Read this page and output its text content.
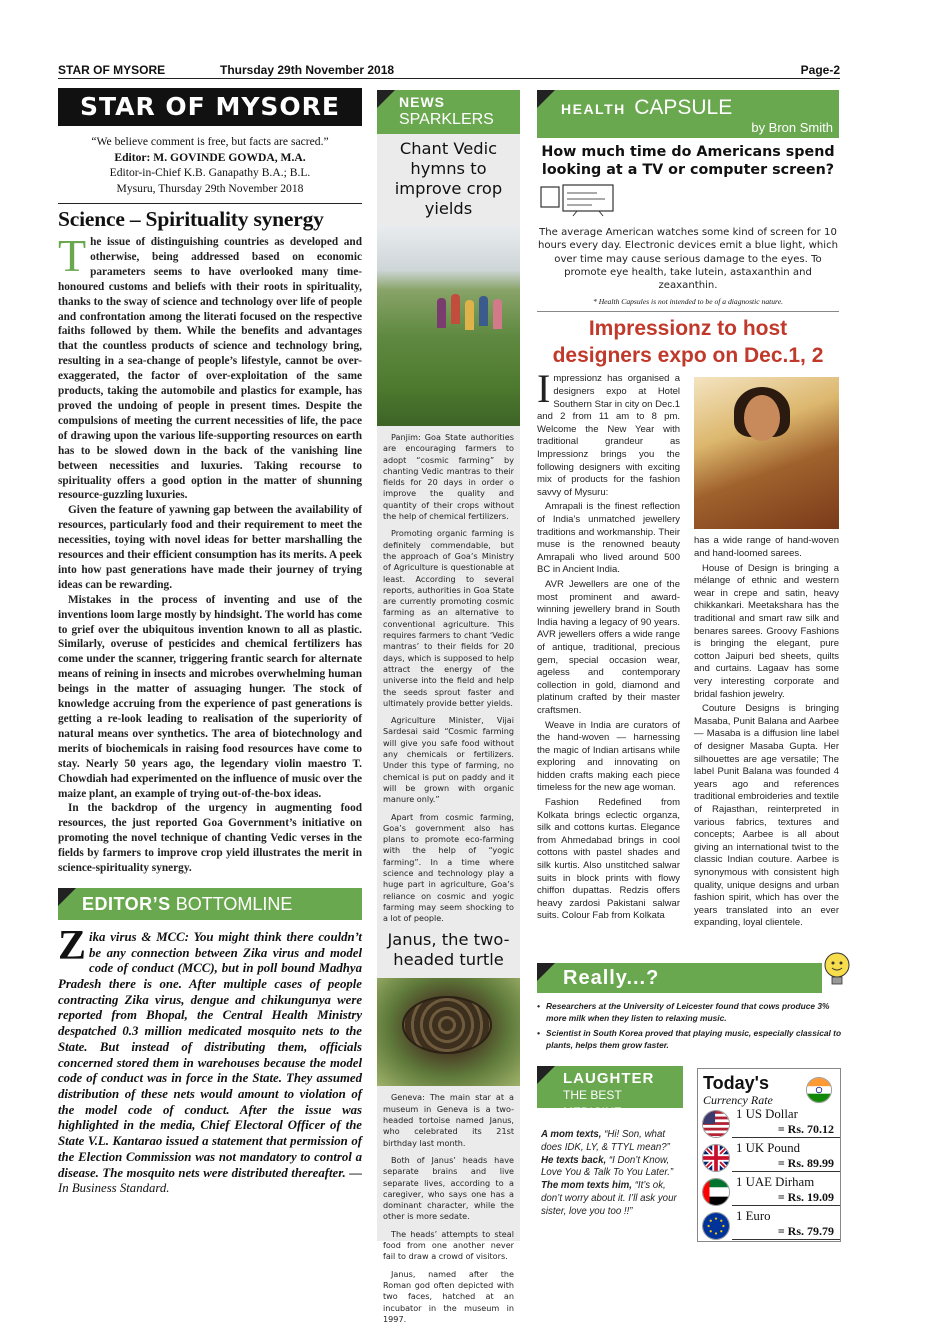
STAR OF MYSORE	Thursday 29th November 2018	Page-2
STAR OF MYSORE
“We believe comment is free, but facts are sacred.”
Editor: M. GOVINDE GOWDA, M.A.
Editor-in-Chief K.B. Ganapathy B.A.; B.L.
Mysuru, Thursday 29th November 2018
Science – Spirituality synergy

The issue of distinguishing countries as developed and otherwise, being addressed based on economic parameters seems to have overlooked many time-honoured customs and beliefs with their roots in spirituality, thanks to the sway of science and technology over life of people and confrontation among the literati focused on the respective faiths followed by them. While the benefits and advantages that the countless products of science and technology bring, resulting in a sea-change of people’s lifestyle, cannot be over-exaggerated, the factor of over-exploitation of the same products, taking the automobile and plastics for example, has proved the undoing of people in present times. Despite the compulsions of meeting the current necessities of life, the pace of drawing upon the various life-supporting resources on earth has to be slowed down in the back of the vanishing line between necessities and luxuries. Taking recourse to spirituality offers a good option in the matter of shunning resource-guzzling luxuries.

Given the feature of yawning gap between the availability of resources, particularly food and their requirement to meet the necessities, toying with novel ideas for better marshalling the resources and their efficient consumption has its merits. A peek into how past generations have made their journey of trying ideas can be rewarding.

Mistakes in the process of inventing and use of the inventions loom large mostly by hindsight. The world has come to grief over the ubiquitous invention known to all as plastic. Similarly, overuse of pesticides and chemical fertilizers has come under the scanner, triggering frantic search for alternate means of reining in insects and microbes overwhelming human beings in the matter of assuaging hunger. The stock of knowledge accruing from the experience of past generations is getting a re-look leading to realisation of the superiority of natural means over synthetics. The area of biotechnology and merits of biochemicals in raising food resources have come to stay. Nearly 50 years ago, the legendary violin maestro T. Chowdiah had experimented on the influence of music over the maize plant, an example of trying out-of-the-box ideas.

In the backdrop of the urgency in augmenting food resources, the just reported Goa Government’s initiative on promoting the novel technique of chanting Vedic verses in the fields by farmers to improve crop yield illustrates the merit in science-spirituality synergy.

EDITOR’S BOTTOMLINE
Zika virus & MCC: You might think there couldn’t be any connection between Zika virus and model code of conduct (MCC), but in poll bound Madhya Pradesh there is one. After multiple cases of people contracting Zika virus, dengue and chikungunya were reported from Bhopal, the Central Health Ministry despatched 0.3 million medicated mosquito nets to the State. But instead of distributing them, officials concerned stored them in warehouses because the model code of conduct was in force in the State. They assumed distribution of these nets would amount to violation of the model code of conduct. After the issue was highlighted in the media, Chief Electoral Officer of the State V.L. Kantarao issued a statement that permission of the Election Commission was not mandatory to control a disease. The mosquito nets were distributed thereafter. — In Business Standard.
NEWS
SPARKLERS
Chant Vedic hymns to improve crop yields

Panjim: Goa State authorities are encouraging farmers to adopt “cosmic farming” by chanting Vedic mantras to their fields for 20 days in order o improve the quality and quantity of their crops without the help of chemical fertilizers.

Promoting organic farming is definitely commendable, but the approach of Goa’s Ministry of Agriculture is questionable at least. According to several reports, authorities in Goa State are currently promoting cosmic farming as an alternative to conventional agriculture. This requires farmers to chant ‘Vedic mantras’ to their fields for 20 days, which is supposed to help attract the energy of the universe into the field and help the seeds sprout faster and ultimately provide better yields.

Agriculture Minister, Vijai Sardesai said “Cosmic farming will give you safe food without any chemicals or fertilizers. Under this type of farming, no chemical is put on paddy and it will be grown with organic manure only.”

Apart from cosmic farming, Goa’s government also has plans to promote eco-farming with the help of “yogic farming”. In a time where science and technology play a huge part in agriculture, Goa’s reliance on cosmic and yogic farming may seem shocking to a lot of people.

Janus, the two-headed turtle

Geneva: The main star at a museum in Geneva is a two-headed tortoise named Janus, who celebrated its 21st birthday last month.

Both of Janus’ heads have separate brains and live separate lives, according to a caregiver, who says one has a dominant character, while the other is more sedate.

The heads’ attempts to steal food from one another never fail to draw a crowd of visitors.

Janus, named after the Roman god often depicted with two faces, hatched at an incubator in the museum in 1997.

HEALTH CAPSULE
by Bron Smith
How much time do Americans spend looking at a TV or computer screen?
The average American watches some kind of screen for 10 hours every day. Electronic devices emit a blue light, which over time may cause serious damage to the eyes. To promote eye health, take lutein, astaxanthin and zeaxanthin.
* Health Capsules is not intended to be of a diagnostic nature.
Impressionz to host designers expo on Dec.1, 2

Impressionz has organised a designers expo at Hotel Southern Star in city on Dec.1 and 2 from 11 am to 8 pm. Welcome the New Year with traditional grandeur as Impressionz brings you the following designers with exciting mix of products for the fashion savvy of Mysuru:

Amrapali is the finest reflection of India’s unmatched jewellery traditions and workmanship. Their muse is the renowned beauty Amrapali who lived around 500 BC in Ancient India.

AVR Jewellers are one of the most prominent and award-winning jewellery brand in South India having a legacy of 90 years. AVR jewellers offers a wide range of antique, traditional, precious gem, special occasion wear, ageless and contemporary collection in gold, diamond and platinum crafted by their master craftsmen.

Weave in India are curators of the hand-woven — harnessing the magic of Indian artisans while exploring and innovating on hidden crafts making each piece timeless for the new age woman.

Fashion Redefined from Kolkata brings eclectic organza, silk and cottons kurtas. Elegance from Ahmedabad brings in cool cottons with pastel shades and silk kurtis. Also unstitched salwar suits in block prints with flowy chiffon dupattas. Redzis offers heavy zardosi Pakistani salwar suits. Colour Fab from Kolkata

has a wide range of hand-woven and hand-loomed sarees.

House of Design is bringing a mélange of ethnic and western wear in crepe and satin, heavy chikkankari. Meetakshara has the traditional and smart raw silk and benares sarees. Groovy Fashions is bringing the elegant, pure cotton Jaipuri bed sheets, quilts and curtains. Lagaav has some very interesting corporate and bridal fashion jewelry.

Couture Designs is bringing Masaba, Punit Balana and Aarbee — Masaba is a diffusion line label of designer Masaba Gupta. Her silhouettes are age versatile; The label Punit Balana was founded 4 years ago and references traditional embroideries and textile of Rajasthan, reinterpreted in various fabrics, textures and concepts; Aarbee is all about giving an international twist to the classic Indian couture. Aarbee is synonymous with consistent high quality, unique designs and urban fashion spirit, which has over the years translated into an ever expanding, loyal clientele.

Really...?
• Researchers at the University of Leicester found that cows produce 3% more milk when they listen to relaxing music.
• Scientist in South Korea proved that playing music, especially classical to plants, helps them grow faster.
LAUGHTER
THE BEST MEDICINE
A mom texts, “Hi! Son, what does IDK, LY, & TTYL mean?” He texts back, “I Don’t Know, Love You & Talk To You Later.” The mom texts him, “It’s ok, don’t worry about it. I’ll ask your sister, love you too !!”
Today's
Currency Rate
1 US Dollar
= Rs. 70.12
1 UK Pound
= Rs. 89.99
1 UAE Dirham
= Rs. 19.09
1 Euro
= Rs. 79.79
